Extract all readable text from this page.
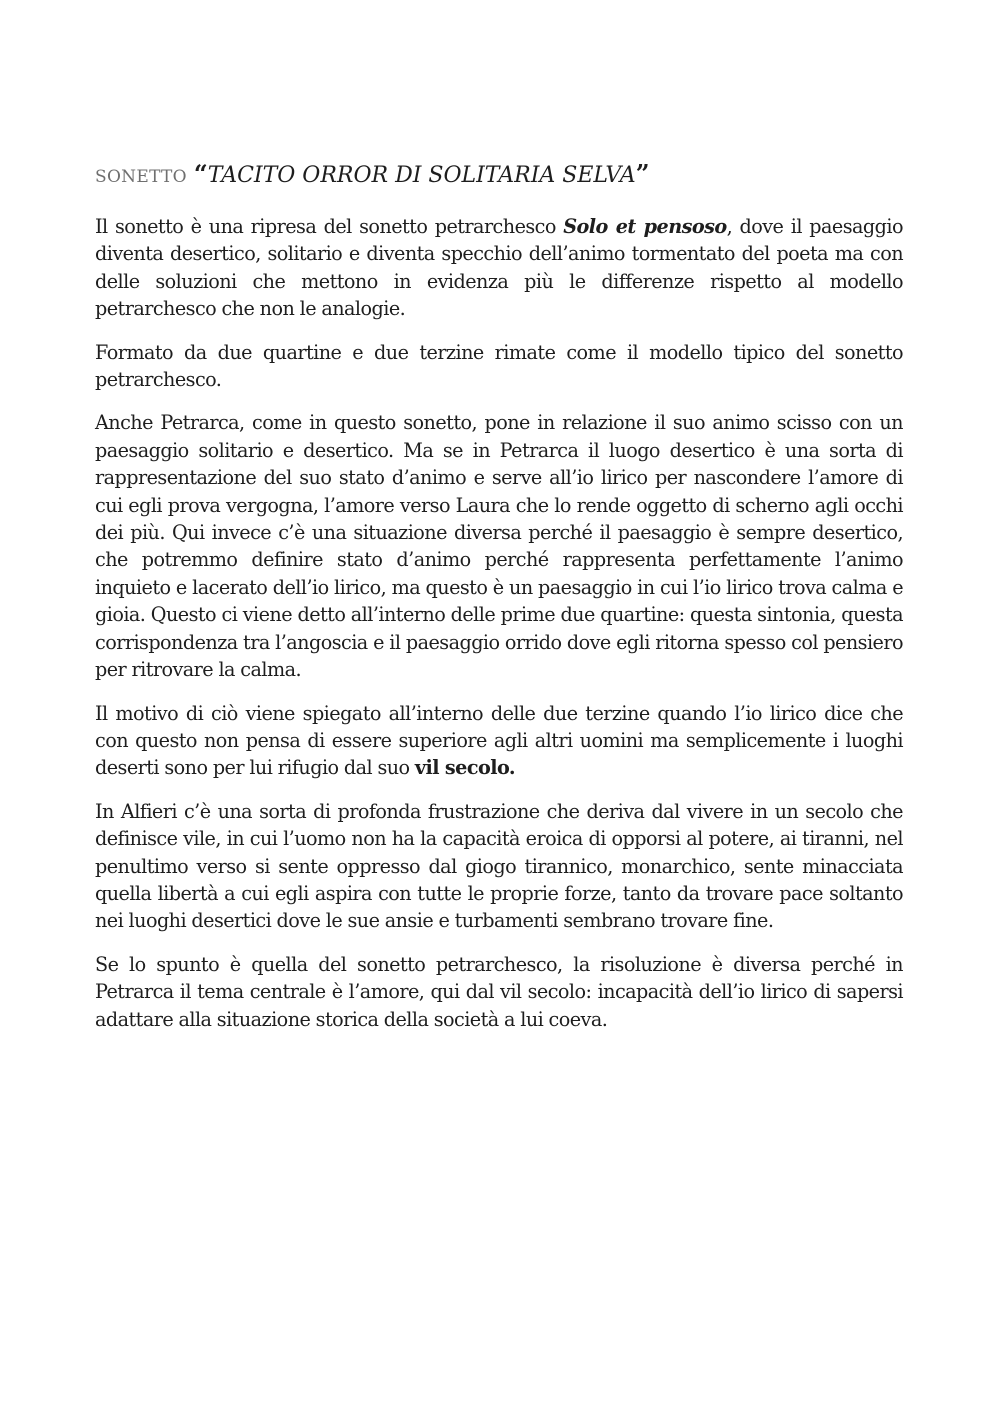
SONETTO “TACITO ORROR DI SOLITARIA SELVA”

Il sonetto è una ripresa del sonetto petrarchesco Solo et pensoso, dove il paesaggio diventa desertico, solitario e diventa specchio dell’animo tormentato del poeta ma con delle soluzioni che mettono in evidenza più le differenze rispetto al modello petrarchesco che non le analogie.

Formato da due quartine e due terzine rimate come il modello tipico del sonetto petrarchesco.

Anche Petrarca, come in questo sonetto, pone in relazione il suo animo scisso con un paesaggio solitario e desertico. Ma se in Petrarca il luogo desertico è una sorta di rappresentazione del suo stato d’animo e serve all’io lirico per nascondere l’amore di cui egli prova vergogna, l’amore verso Laura che lo rende oggetto di scherno agli occhi dei più. Qui invece c’è una situazione diversa perché il paesaggio è sempre desertico, che potremmo definire stato d’animo perché rappresenta perfettamente l’animo inquieto e lacerato dell’io lirico, ma questo è un paesaggio in cui l’io lirico trova calma e gioia. Questo ci viene detto all’interno delle prime due quartine: questa sintonia, questa corrispondenza tra l’angoscia e il paesaggio orrido dove egli ritorna spesso col pensiero per ritrovare la calma.

Il motivo di ciò viene spiegato all’interno delle due terzine quando l’io lirico dice che con questo non pensa di essere superiore agli altri uomini ma semplicemente i luoghi deserti sono per lui rifugio dal suo vil secolo.

In Alfieri c’è una sorta di profonda frustrazione che deriva dal vivere in un secolo che definisce vile, in cui l’uomo non ha la capacità eroica di opporsi al potere, ai tiranni, nel penultimo verso si sente oppresso dal giogo tirannico, monarchico, sente minacciata quella libertà a cui egli aspira con tutte le proprie forze, tanto da trovare pace soltanto nei luoghi desertici dove le sue ansie e turbamenti sembrano trovare fine.

Se lo spunto è quella del sonetto petrarchesco, la risoluzione è diversa perché in Petrarca il tema centrale è l’amore, qui dal vil secolo: incapacità dell’io lirico di sapersi adattare alla situazione storica della società a lui coeva.
